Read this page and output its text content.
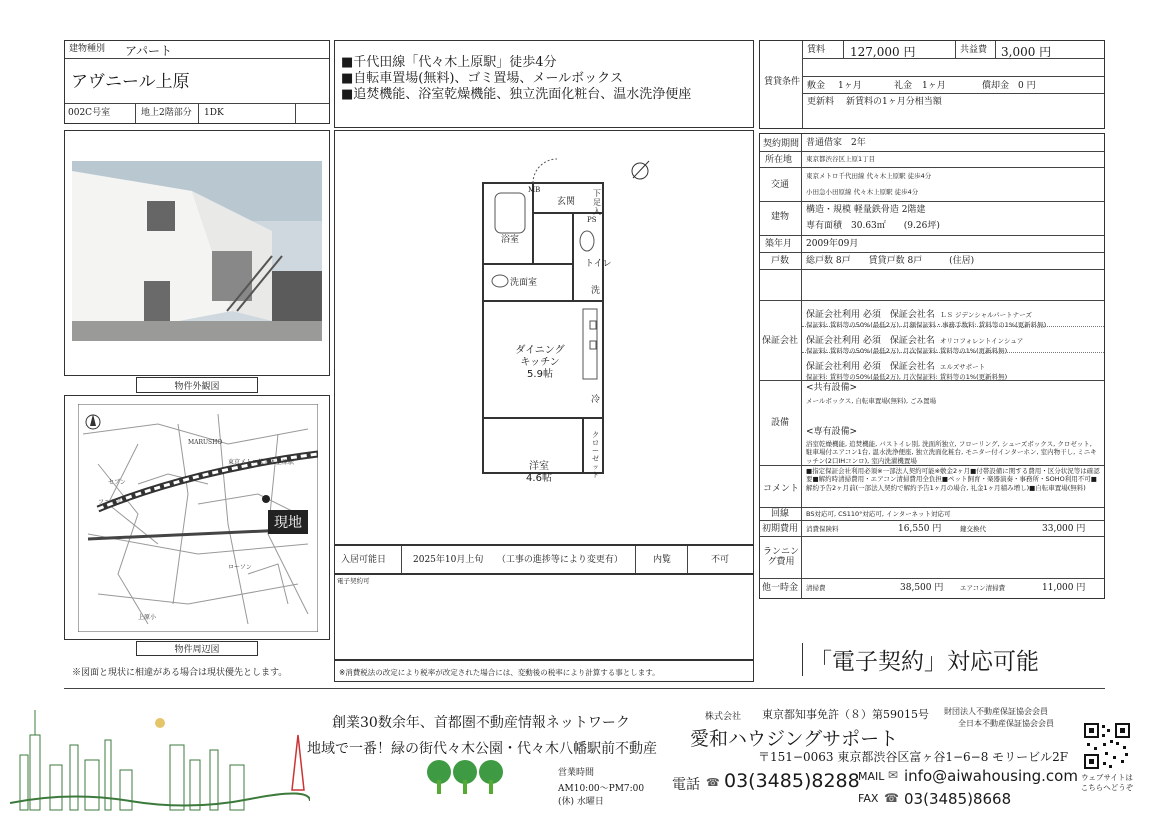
建物種別 アパート
アヴニール上原
002C号室	地上2階部分 1DK
■千代田線「代々木上原駅」徒歩4分
■自転車置場(無料)、ゴミ置場、メールボックス
■追焚機能、浴室乾燥機能、独立洗面化粧台、温水洗浄便座
賃貸条件
賃料 127,000 円	共益費 3,000 円
敷金 1ヶ月	礼金 1ヶ月	償却金 0 円
更新料 新賃料の1ヶ月分相当額
物件外観図
MARUSHO
東京メトロ代々木上原駅
セブン
ファミリー
ローソン
上原小
現地
物件周辺図
※図面と現状に相違がある場合は現状優先とします。
玄関
下足入
MB
浴室
PS
トイレ
洗面室
洗
ダイニング
キッチン
5.9帖
冷
洋室
4.6帖
クローゼット
入居可能日	2025年10月上旬　　（工事の進捗等により変更有）	内覧	不可
電子契約可
※消費税法の改定により税率が改定された場合には、変動後の税率により計算する事とします。
契約期間 普通借家　2年
所在地 東京都渋谷区上原1丁目
交通
東京メトロ千代田線 代々木上原駅 徒歩4分
小田急小田原線 代々木上原駅 徒歩4分
建物
構造・規模 軽量鉄骨造 2階建
専有面積　30.63㎡　　(9.26坪)
築年月 2009年09月
戸数 総戸数 8戸　　賃貸戸数 8戸　　　(住居)
保証会社
保証会社利用 必須　保証会社名 ＬＳ ジデンシャルパートナーズ
保証料: 賃料等の50%(最低2万), 月額保証料・事務手数料: 賃料等の1%(更新料無)
保証会社利用 必須　保証会社名 オリコフォレントインシュア
保証料: 賃料等の50%(最低2万), 月次保証料: 賃料等の1%(更新料無)
保証会社利用 必須　保証会社名 エルズサポート
保証料: 賃料等の50%(最低2万), 月次保証料: 賃料等の1%(更新料無)
設備
<共有設備>
メールボックス, 自転車置場(無料), ごみ置場
<専有設備>
浴室乾燥機能, 追焚機能, バストイレ別, 洗面所独立, フローリング, シューズボックス, クロゼット, 駐車場付エアコン1台, 温水洗浄便座, 独立洗面化粧台, モニター付インターホン, 室内物干し, ミニキッチン(2口IHコンロ), 室内洗濯機置場
コメント
■指定保証会社利用必須※一部法人契約可能※敷金2ヶ月■付帯設備に関する費用・区分状況等は確認要■解約時清掃費用・エアコン清掃費用全負担■ペット飼育・楽器演奏・事務所・SOHO利用不可■解約予告2ヶ月前(一部法人契約で解約予告1ヶ月の場合, 礼金1ヶ月積み増し)■自転車置場(無料)
回線	BS対応可, CS110°対応可, インターネット対応可
初期費用 消費保険料	16,550 円	鍵交換代	33,000 円
ランニング費用
他一時金 清掃費	38,500 円	エアコン清掃費	11,000 円
「電子契約」対応可能
創業30数余年、首都圏不動産情報ネットワーク
地域で一番！緑の街代々木公園・代々木八幡駅前不動産
営業時間
AM10:00〜PM7:00
(休) 水曜日
株式会社
愛和ハウジングサポート
東京都知事免許（８）第59015号 財団法人不動産保証協会会員
全日本不動産保証協会会員
〒151−0063 東京都渋谷区富ヶ谷1−6−8 モリービル2F
電話 ☎ 03(3485)8288
MAIL ✉ info@aiwahousing.com
FAX ☎ 03(3485)8668
ウェブサイトは
こちらへどうぞ
